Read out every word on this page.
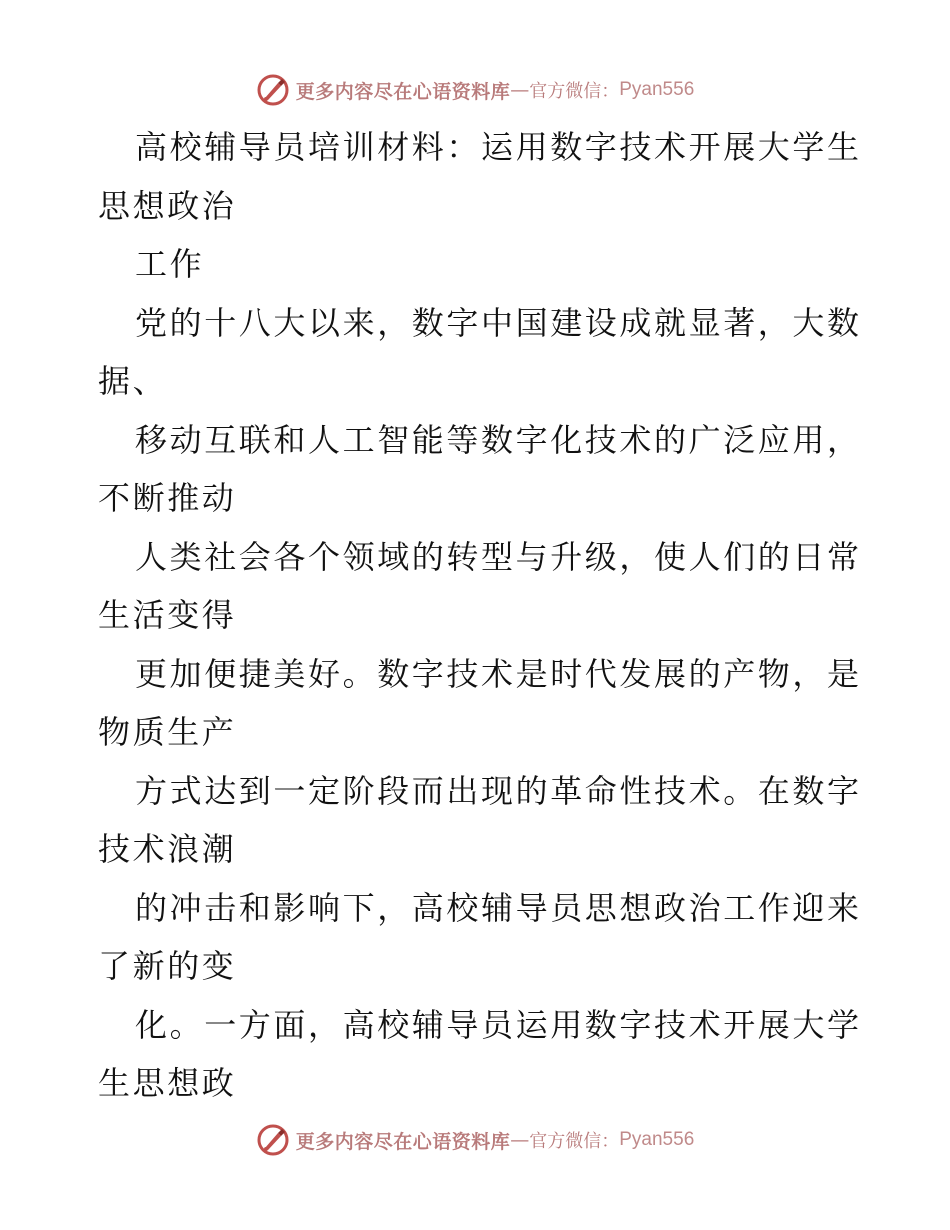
更多内容尽在心语资料库 — 官方微信： Pyan556
高校辅导员培训材料：运用数字技术开展大学生
思想政治
工作
党的十八大以来，数字中国建设成就显著，大数
据、
移动互联和人工智能等数字化技术的广泛应用，
不断推动
人类社会各个领域的转型与升级，使人们的日常
生活变得
更加便捷美好。数字技术是时代发展的产物，是
物质生产
方式达到一定阶段而出现的革命性技术。在数字
技术浪潮
的冲击和影响下，高校辅导员思想政治工作迎来
了新的变
化。一方面，高校辅导员运用数字技术开展大学
生思想政
更多内容尽在心语资料库 — 官方微信： Pyan556
